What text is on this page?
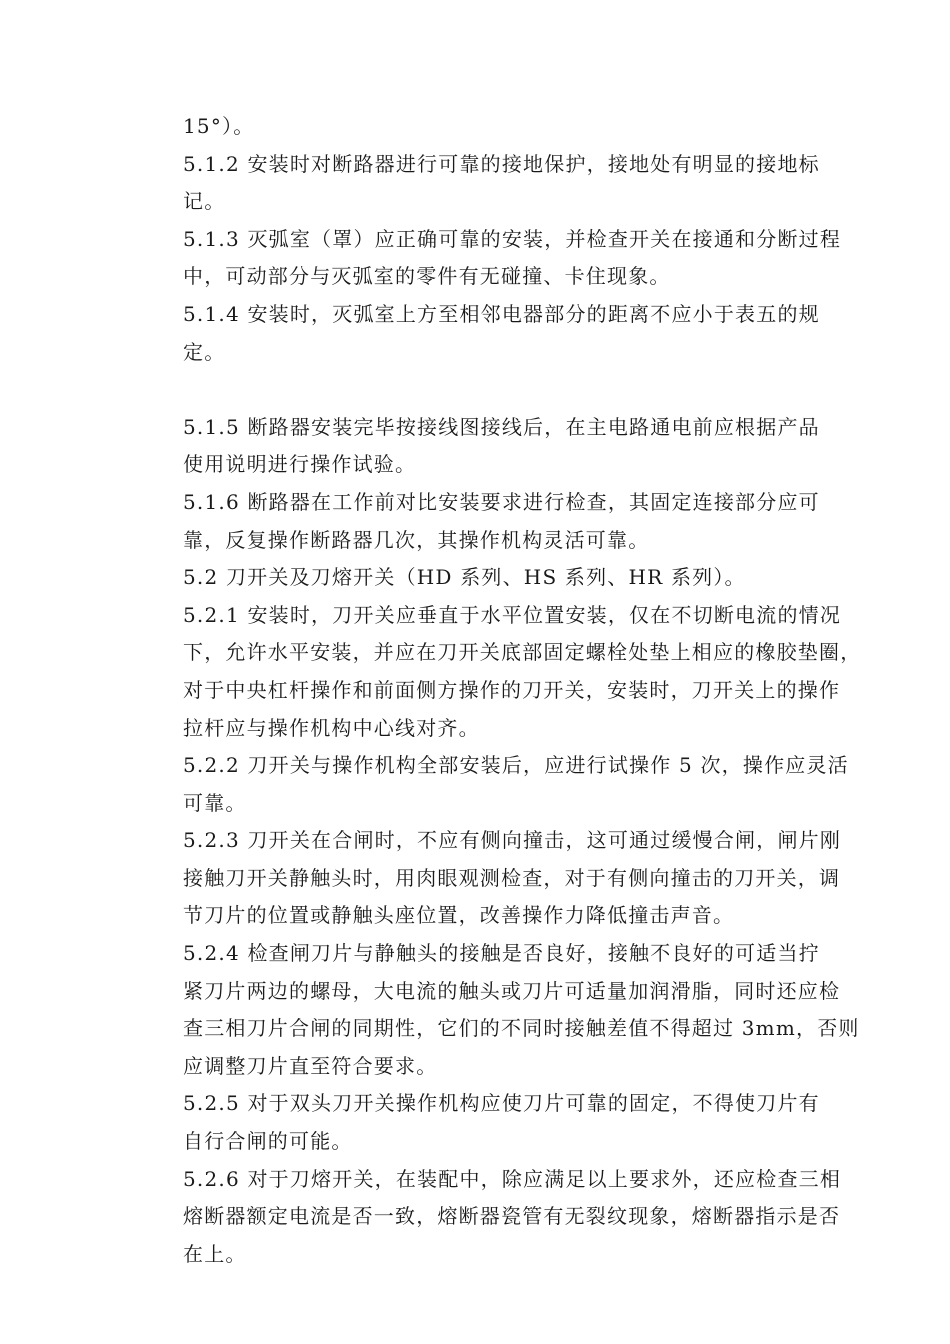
15°）。
5.1.2 安装时对断路器进行可靠的接地保护，接地处有明显的接地标
记。
5.1.3 灭弧室（罩）应正确可靠的安装，并检查开关在接通和分断过程
中，可动部分与灭弧室的零件有无碰撞、卡住现象。
5.1.4 安装时，灭弧室上方至相邻电器部分的距离不应小于表五的规
定。
5.1.5 断路器安装完毕按接线图接线后，在主电路通电前应根据产品
使用说明进行操作试验。
5.1.6 断路器在工作前对比安装要求进行检查，其固定连接部分应可
靠，反复操作断路器几次，其操作机构灵活可靠。
5.2 刀开关及刀熔开关（HD 系列、HS 系列、HR 系列）。
5.2.1 安装时，刀开关应垂直于水平位置安装，仅在不切断电流的情况
下，允许水平安装，并应在刀开关底部固定螺栓处垫上相应的橡胶垫圈，
对于中央杠杆操作和前面侧方操作的刀开关，安装时，刀开关上的操作
拉杆应与操作机构中心线对齐。
5.2.2 刀开关与操作机构全部安装后，应进行试操作 5 次，操作应灵活
可靠。
5.2.3 刀开关在合闸时，不应有侧向撞击，这可通过缓慢合闸，闸片刚
接触刀开关静触头时，用肉眼观测检查，对于有侧向撞击的刀开关，调
节刀片的位置或静触头座位置，改善操作力降低撞击声音。
5.2.4 检查闸刀片与静触头的接触是否良好，接触不良好的可适当拧
紧刀片两边的螺母，大电流的触头或刀片可适量加润滑脂，同时还应检
查三相刀片合闸的同期性，它们的不同时接触差值不得超过 3mm，否则
应调整刀片直至符合要求。
5.2.5 对于双头刀开关操作机构应使刀片可靠的固定，不得使刀片有
自行合闸的可能。
5.2.6 对于刀熔开关，在装配中，除应满足以上要求外，还应检查三相
熔断器额定电流是否一致，熔断器瓷管有无裂纹现象，熔断器指示是否
在上。
